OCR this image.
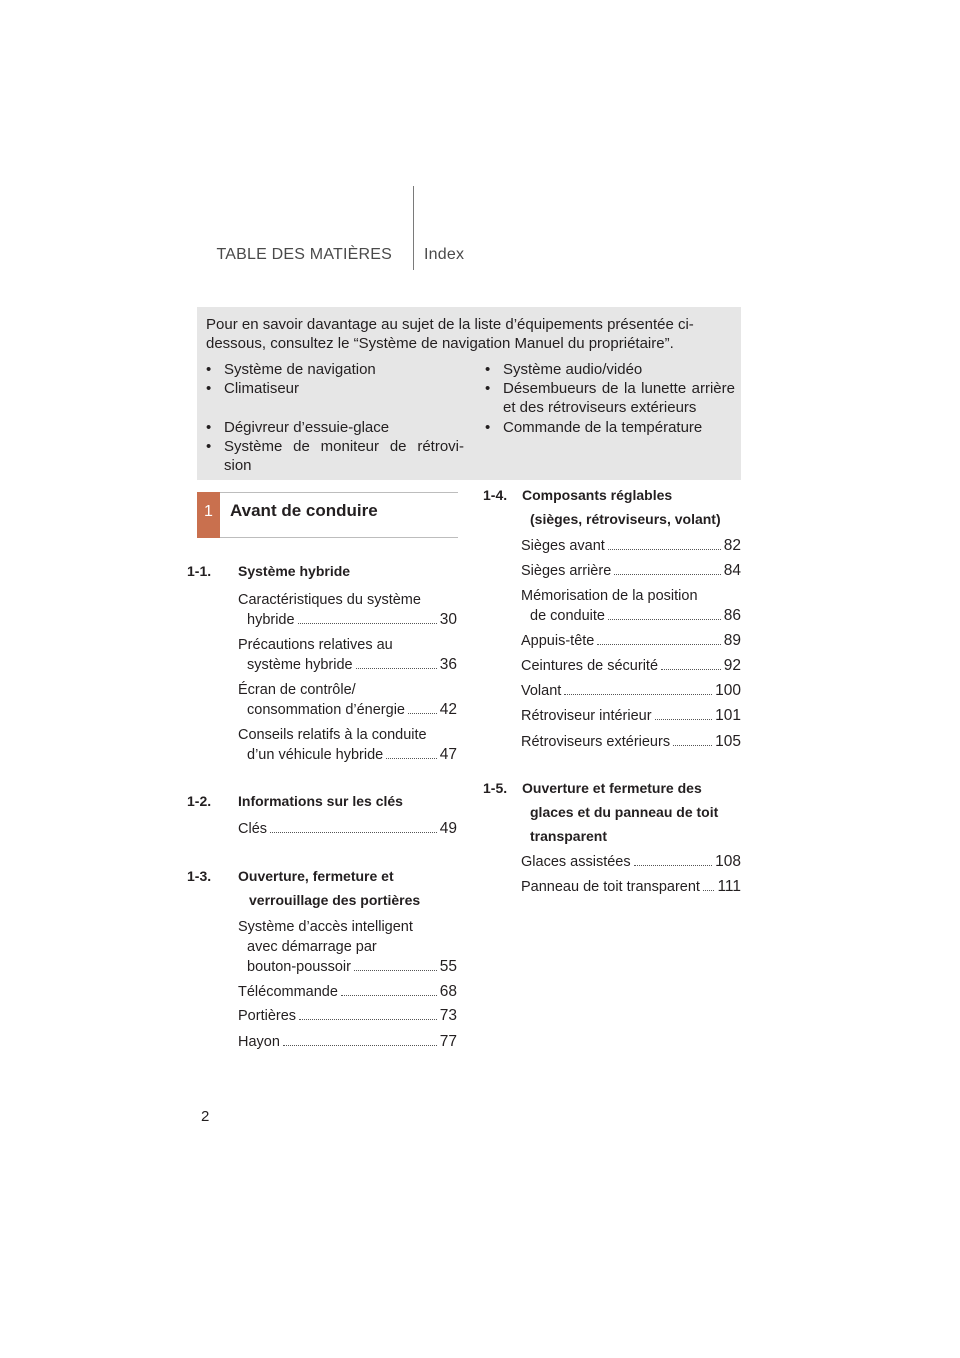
TABLE DES MATIÈRES Index

Pour en savoir davantage au sujet de la liste d’équipements présentée ci-dessous, consultez le “Système de navigation Manuel du propriétaire”.

• Système de navigation
• Climatiseur
• Dégivreur d’essuie-glace
• Système de moniteur de rétrovi-sion
• Système audio/vidéo
• Désembueurs de la lunette arrière et des rétroviseurs extérieurs
• Commande de la température
1	Avant de conduire
1-1. Système hybride
Caractéristiques du système
hybride	30
Précautions relatives au
système hybride	36
Écran de contrôle/
consommation d’énergie 42
Conseils relatifs à la conduite
d’un véhicule hybride	47
1-2. Informations sur les clés
Clés	49
1-3. Ouverture, fermeture et
verrouillage des portières
Système d’accès intelligent
avec démarrage par
bouton-poussoir	55
Télécommande	68
Portières	73
Hayon	77
1-4. Composants réglables
(sièges, rétroviseurs, volant)
Sièges avant	82
Sièges arrière	84
Mémorisation de la position
de conduite	86
Appuis-tête	89
Ceintures de sécurité	92
Volant	100
Rétroviseur intérieur	101
Rétroviseurs extérieurs	105
1-5. Ouverture et fermeture des
glaces et du panneau de toit
transparent
Glaces assistées	108
Panneau de toit transparent 111
2
